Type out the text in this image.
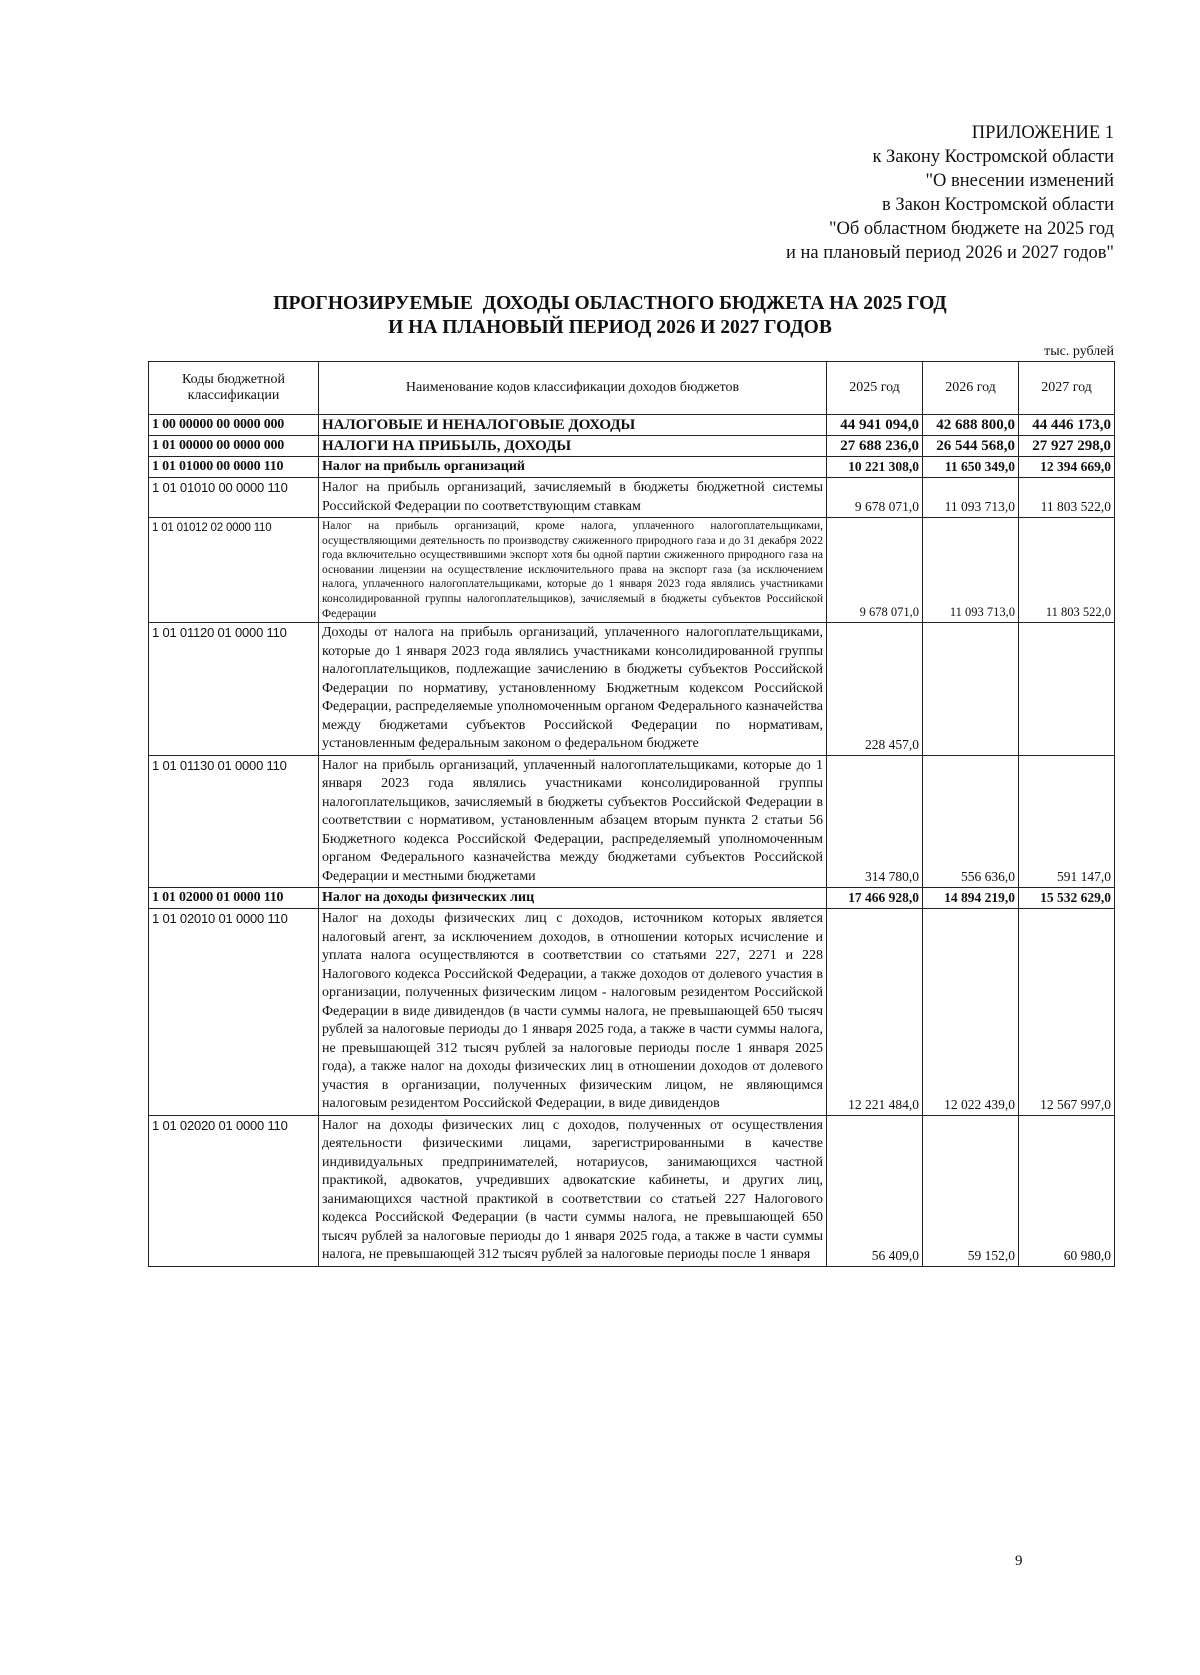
ПРИЛОЖЕНИЕ 1
к Закону Костромской области
"О внесении изменений
в Закон Костромской области
"Об областном бюджете на 2025 год
и на плановый период 2026 и 2027 годов"
ПРОГНОЗИРУЕМЫЕ  ДОХОДЫ ОБЛАСТНОГО БЮДЖЕТА НА 2025 ГОД
И НА ПЛАНОВЫЙ ПЕРИОД 2026 И 2027 ГОДОВ
тыс. рублей
Коды бюджетной классификации	Наименование кодов классификации доходов бюджетов	2025 год	2026 год	2027 год
1 00 00000 00 0000 000	НАЛОГОВЫЕ И НЕНАЛОГОВЫЕ ДОХОДЫ	44 941 094,0	42 688 800,0	44 446 173,0
1 01 00000 00 0000 000	НАЛОГИ НА ПРИБЫЛЬ, ДОХОДЫ	27 688 236,0	26 544 568,0	27 927 298,0
1 01 01000 00 0000 110	Налог на прибыль организаций	10 221 308,0	11 650 349,0	12 394 669,0
1 01 01010 00 0000 110	Налог на прибыль организаций, зачисляемый в бюджеты бюджетной системы Российской Федерации по соответствующим ставкам	9 678 071,0	11 093 713,0	11 803 522,0
1 01 01012 02 0000 110	Налог на прибыль организаций, кроме налога, уплаченного налогоплательщиками, осуществляющими деятельность по производству сжиженного природного газа и до 31 декабря 2022 года включительно осуществившими экспорт хотя бы одной партии сжиженного природного газа на основании лицензии на осуществление исключительного права на экспорт газа (за исключением налога, уплаченного налогоплательщиками, которые до 1 января 2023 года являлись участниками консолидированной группы налогоплательщиков), зачисляемый в бюджеты субъектов Российской Федерации	9 678 071,0	11 093 713,0	11 803 522,0
1 01 01120 01 0000 110	Доходы от налога на прибыль организаций, уплаченного налогоплательщиками, которые до 1 января 2023 года являлись участниками консолидированной группы налогоплательщиков, подлежащие зачислению в бюджеты субъектов Российской Федерации по нормативу, установленному Бюджетным кодексом Российской Федерации, распределяемые уполномоченным органом Федерального казначейства между бюджетами субъектов Российской Федерации по нормативам, установленным федеральным законом о федеральном бюджете	228 457,0		
1 01 01130 01 0000 110	Налог на прибыль организаций, уплаченный налогоплательщиками, которые до 1 января 2023 года являлись участниками консолидированной группы налогоплательщиков, зачисляемый в бюджеты субъектов Российской Федерации в соответствии с нормативом, установленным абзацем вторым пункта 2 статьи 56 Бюджетного кодекса Российской Федерации, распределяемый уполномоченным органом Федерального казначейства между бюджетами субъектов Российской Федерации и местными бюджетами	314 780,0	556 636,0	591 147,0
1 01 02000 01 0000 110	Налог на доходы физических лиц	17 466 928,0	14 894 219,0	15 532 629,0
1 01 02010 01 0000 110	Налог на доходы физических лиц с доходов, источником которых является налоговый агент, за исключением доходов, в отношении которых исчисление и уплата налога осуществляются в соответствии со статьями 227, 2271 и 228 Налогового кодекса Российской Федерации, а также доходов от долевого участия в организации, полученных физическим лицом - налоговым резидентом Российской Федерации в виде дивидендов (в части суммы налога, не превышающей 650 тысяч рублей за налоговые периоды до 1 января 2025 года, а также в части суммы налога, не превышающей 312 тысяч рублей за налоговые периоды после 1 января 2025 года), а также налог на доходы физических лиц в отношении доходов от долевого участия в организации, полученных физическим лицом, не являющимся налоговым резидентом Российской Федерации, в виде дивидендов	12 221 484,0	12 022 439,0	12 567 997,0
1 01 02020 01 0000 110	Налог на доходы физических лиц с доходов, полученных от осуществления деятельности физическими лицами, зарегистрированными в качестве индивидуальных предпринимателей, нотариусов, занимающихся частной практикой, адвокатов, учредивших адвокатские кабинеты, и других лиц, занимающихся частной практикой в соответствии со статьей 227 Налогового кодекса Российской Федерации (в части суммы налога, не превышающей 650 тысяч рублей за налоговые периоды до 1 января 2025 года, а также в части суммы налога, не превышающей 312 тысяч рублей за налоговые периоды после 1 января	56 409,0	59 152,0	60 980,0
9
